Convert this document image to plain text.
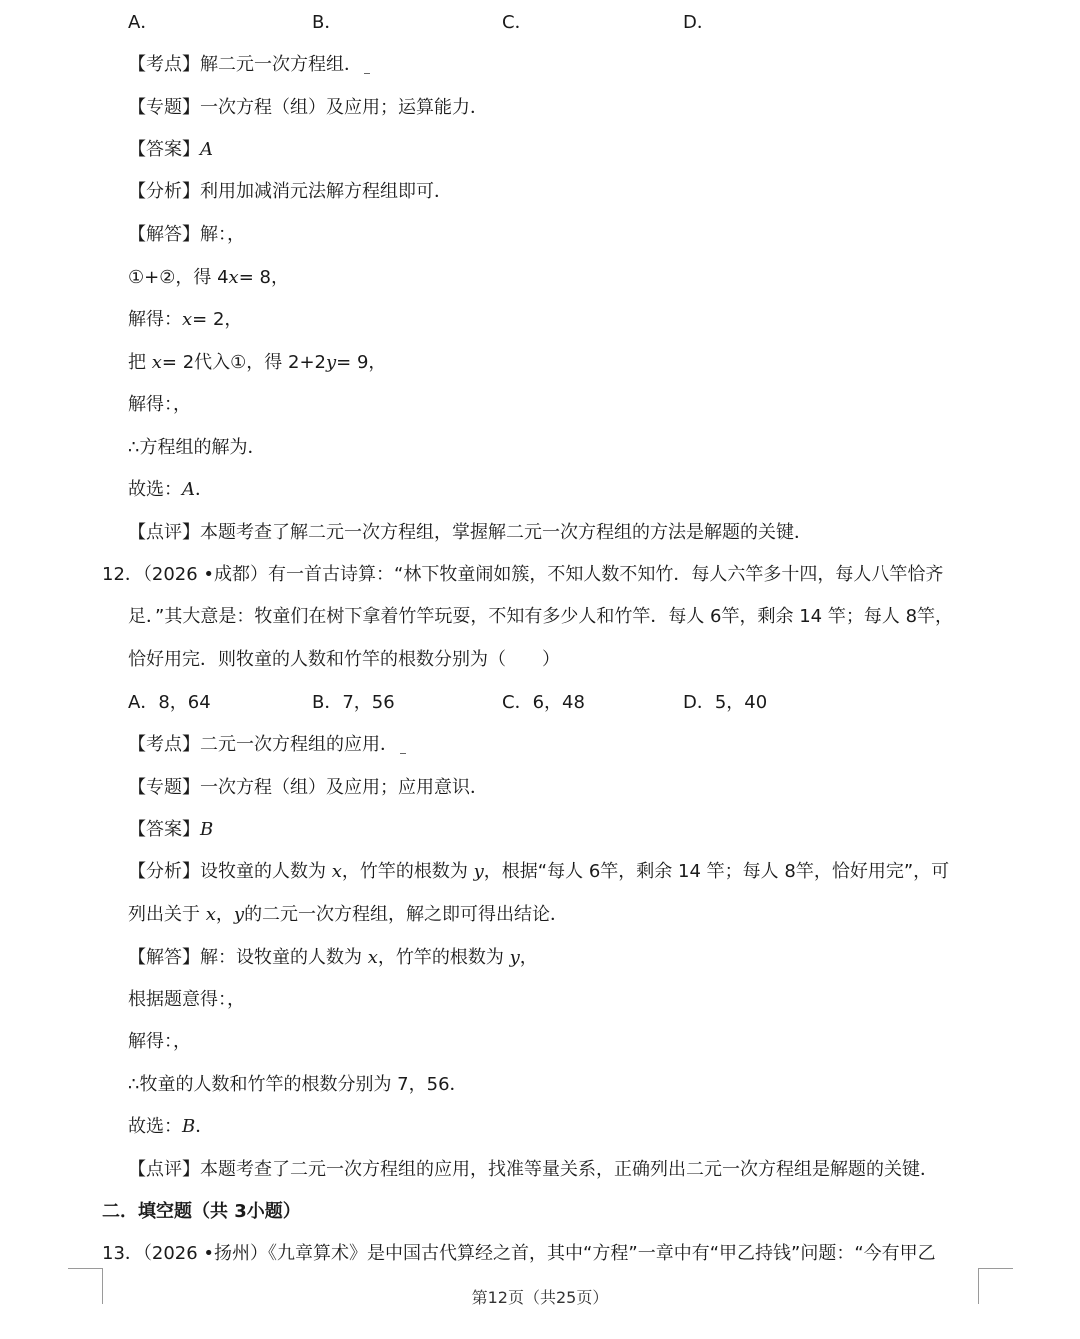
A．	B．	C．	D．
【考点】解二元一次方程组．
【专题】一次方程（组）及应用；运算能力．
【答案】A
【分析】利用加减消元法解方程组即可．
【解答】解：，
①+②，得 4x= 8，
解得：x= 2，
把 x= 2代入①，得 2+2y= 9，
解得：，
∴方程组的解为．
故选：A．
【点评】本题考查了解二元一次方程组，掌握解二元一次方程组的方法是解题的关键．
12．（2026 •成都）有一首古诗算：“林下牧童闹如簇，不知人数不知竹．每人六竿多十四，每人八竿恰齐
足．”其大意是：牧童们在树下拿着竹竿玩耍，不知有多少人和竹竿．每人 6竿，剩余 14 竿；每人 8竿，
恰好用完．则牧童的人数和竹竿的根数分别为（　　）
A．8，64	B．7，56	C．6，48	D．5，40
【考点】二元一次方程组的应用．
【专题】一次方程（组）及应用；应用意识．
【答案】B
【分析】设牧童的人数为 x，竹竿的根数为 y，根据“每人 6竿，剩余 14 竿；每人 8竿，恰好用完”，可
列出关于 x，y的二元一次方程组，解之即可得出结论．
【解答】解：设牧童的人数为 x，竹竿的根数为 y，
根据题意得：，
解得：，
∴牧童的人数和竹竿的根数分别为 7，56．
故选：B．
【点评】本题考查了二元一次方程组的应用，找准等量关系，正确列出二元一次方程组是解题的关键．
二．填空题（共 3小题）
13．（2026 •扬州）《九章算术》是中国古代算经之首，其中“方程”一章中有“甲乙持钱”问题：“今有甲乙
第12页（共25页）
